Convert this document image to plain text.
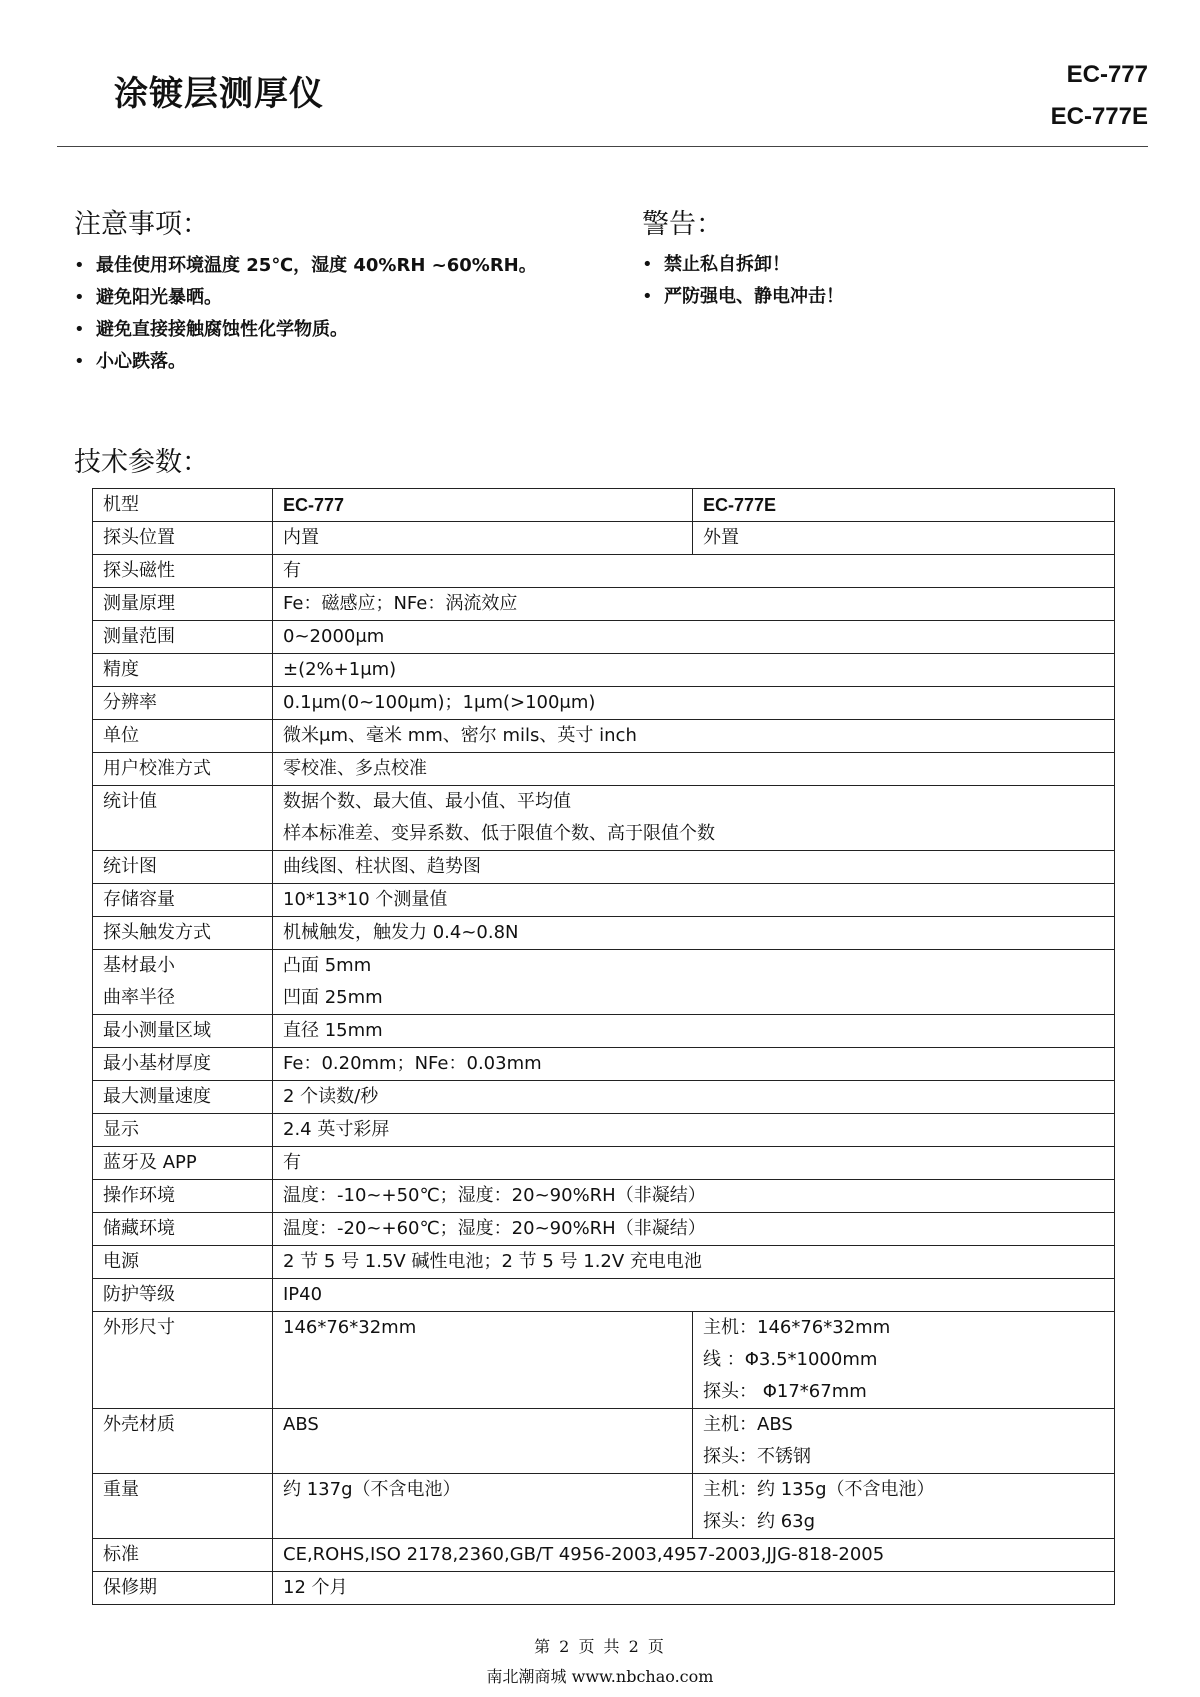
涂镀层测厚仪	EC-777
EC-777E
注意事项：
• 最佳使用环境温度 25℃，湿度 40%RH ~60%RH。
• 避免阳光暴晒。
• 避免直接接触腐蚀性化学物质。
• 小心跌落。
警告：
• 禁止私自拆卸！
• 严防强电、静电冲击！
技术参数：
机型	EC-777	EC-777E

探头位置	内置	外置

探头磁性	有	

测量原理	Fe：磁感应；NFe：涡流效应	

测量范围	0~2000μm	

精度	±(2%+1μm)	

分辨率	0.1μm(0~100μm)；1μm(>100μm)	

单位	微米μm、毫米 mm、密尔 mils、英寸 inch	

用户校准方式	零校准、多点校准	

统计值	数据个数、最大值、最小值、平均值
样本标准差、变异系数、低于限值个数、高于限值个数	

统计图	曲线图、柱状图、趋势图	

存储容量	10*13*10 个测量值	

探头触发方式	机械触发，触发力 0.4~0.8N	

基材最小
曲率半径	凸面 5mm
凹面 25mm	

最小测量区域	直径 15mm	

最小基材厚度	Fe：0.20mm；NFe：0.03mm	

最大测量速度	2 个读数/秒	

显示	2.4 英寸彩屏	

蓝牙及 APP	有	

操作环境	温度：-10~+50℃；湿度：20~90%RH（非凝结）	

储藏环境	温度：-20~+60℃；湿度：20~90%RH（非凝结）	

电源	2 节 5 号 1.5V 碱性电池；2 节 5 号 1.2V 充电电池	

防护等级	IP40	

外形尺寸	146*76*32mm	主机：146*76*32mm
线 ：Φ3.5*1000mm
探头： Φ17*67mm

外壳材质	ABS	主机：ABS
探头：不锈钢

重量	约 137g（不含电池）	主机：约 135g（不含电池）
探头：约 63g

标准	CE,ROHS,ISO 2178,2360,GB/T 4956-2003,4957-2003,JJG-818-2005	

保修期	12 个月	
第 2 页 共 2 页
南北潮商城 www.nbchao.com
